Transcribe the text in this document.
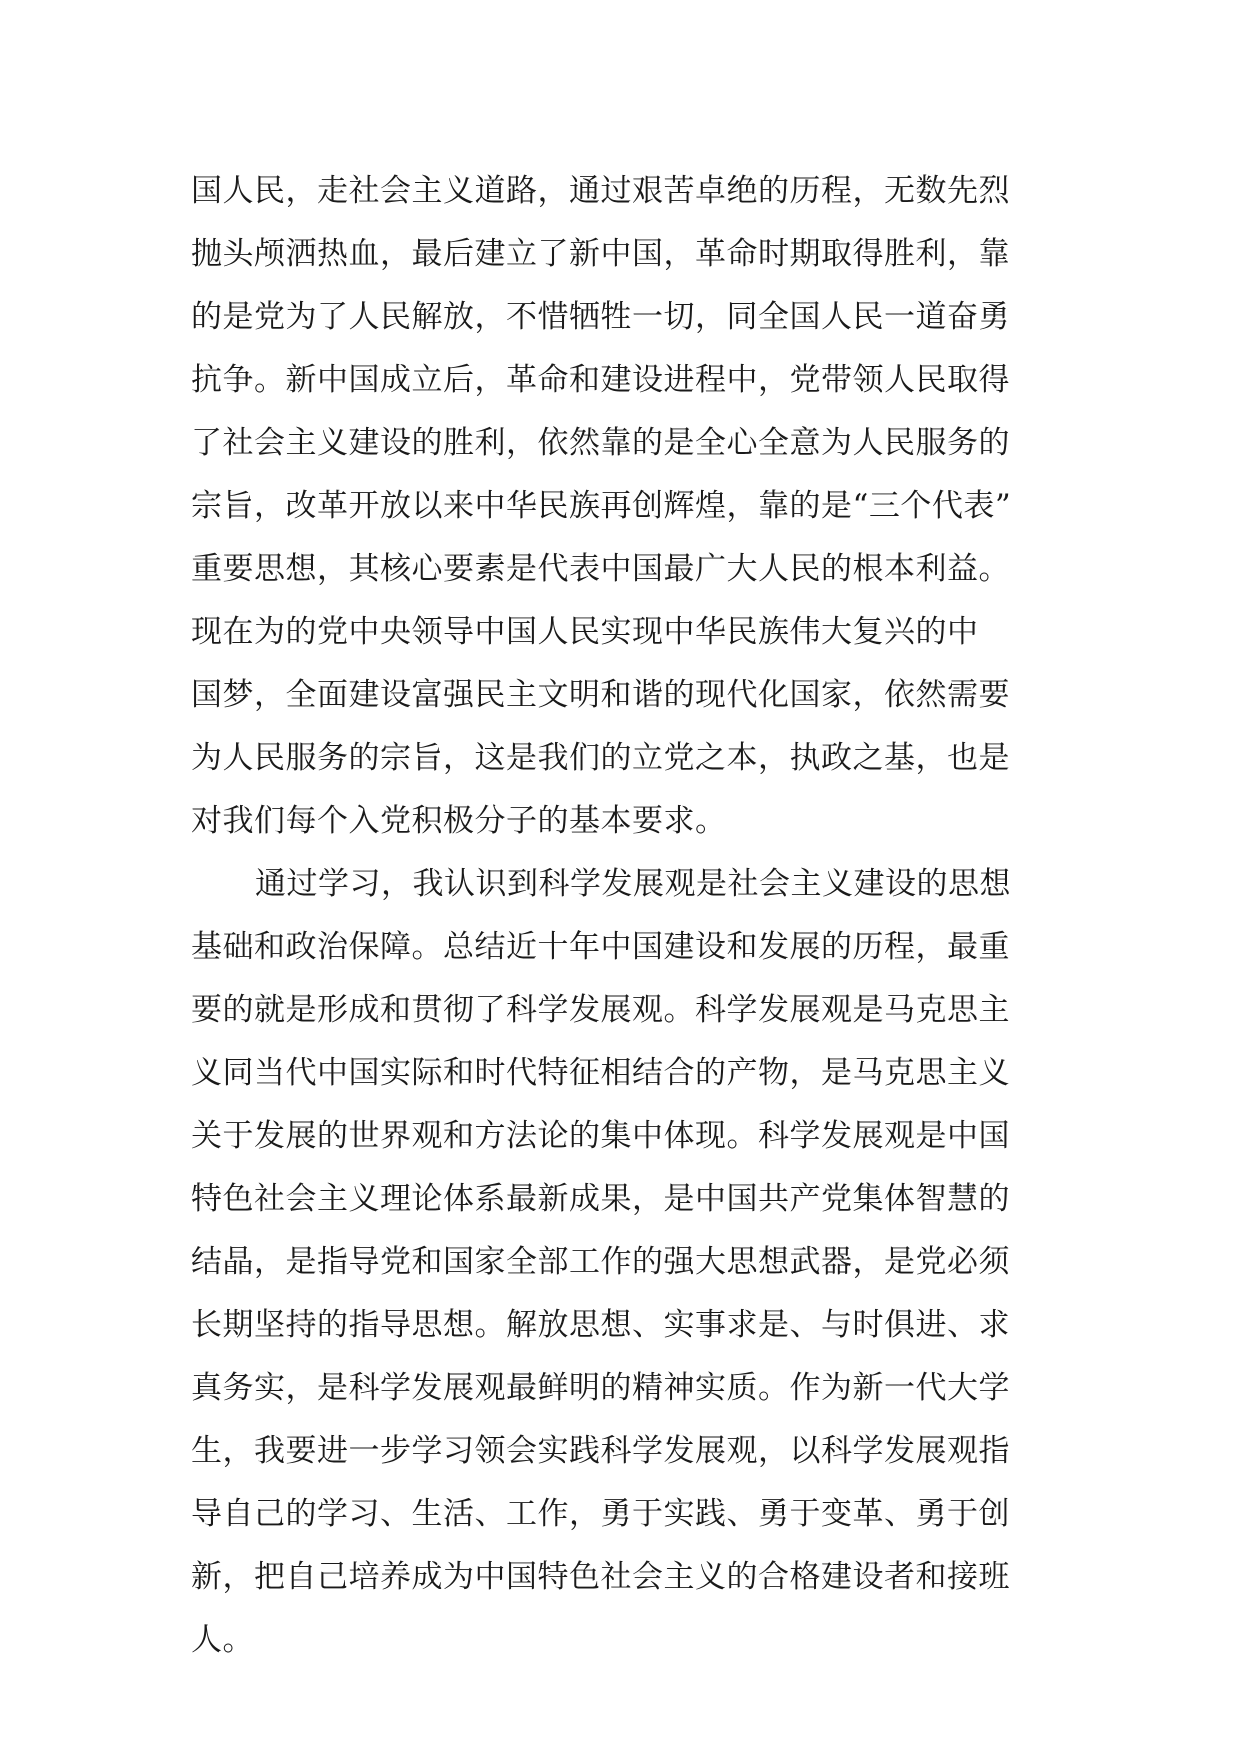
国人民，走社会主义道路，通过艰苦卓绝的历程，无数先烈
抛头颅洒热血，最后建立了新中国，革命时期取得胜利，靠
的是党为了人民解放，不惜牺牲一切，同全国人民一道奋勇
抗争。新中国成立后，革命和建设进程中，党带领人民取得
了社会主义建设的胜利，依然靠的是全心全意为人民服务的
宗旨，改革开放以来中华民族再创辉煌，靠的是“三个代表”
重要思想，其核心要素是代表中国最广大人民的根本利益。
现在为的党中央领导中国人民实现中华民族伟大复兴的中
国梦，全面建设富强民主文明和谐的现代化国家，依然需要
为人民服务的宗旨，这是我们的立党之本，执政之基，也是
对我们每个入党积极分子的基本要求。
通过学习，我认识到科学发展观是社会主义建设的思想
基础和政治保障。总结近十年中国建设和发展的历程，最重
要的就是形成和贯彻了科学发展观。科学发展观是马克思主
义同当代中国实际和时代特征相结合的产物，是马克思主义
关于发展的世界观和方法论的集中体现。科学发展观是中国
特色社会主义理论体系最新成果，是中国共产党集体智慧的
结晶，是指导党和国家全部工作的强大思想武器，是党必须
长期坚持的指导思想。解放思想、实事求是、与时俱进、求
真务实，是科学发展观最鲜明的精神实质。作为新一代大学
生，我要进一步学习领会实践科学发展观，以科学发展观指
导自己的学习、生活、工作，勇于实践、勇于变革、勇于创
新，把自己培养成为中国特色社会主义的合格建设者和接班
人。
